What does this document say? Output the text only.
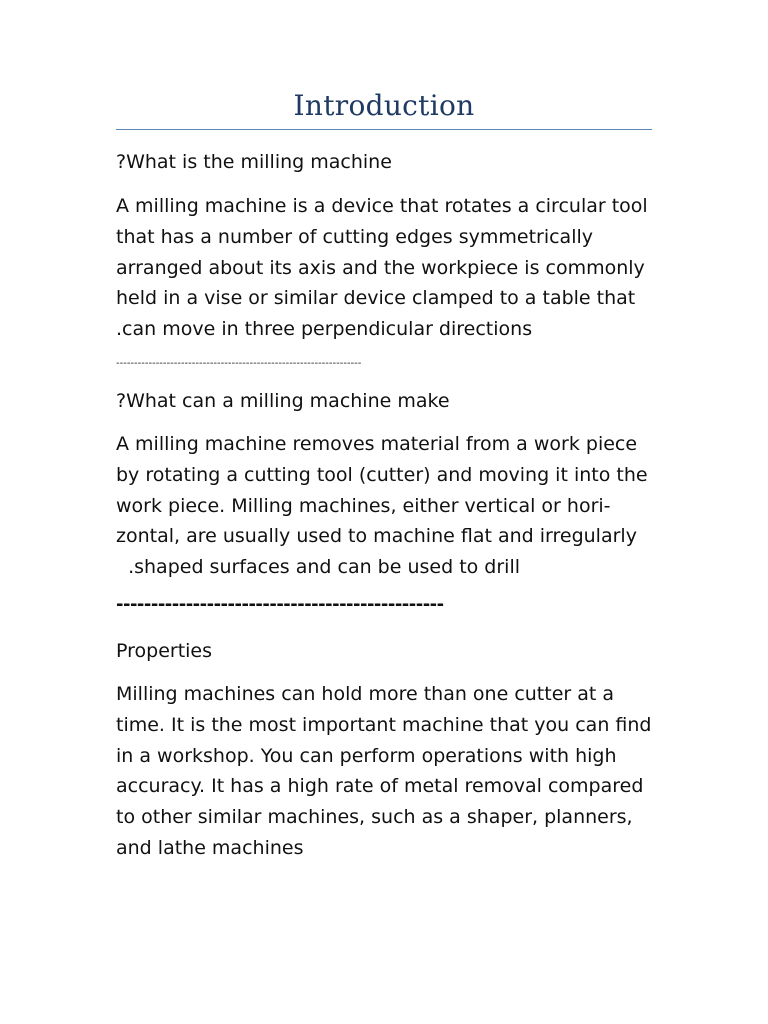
Introduction
?What is the milling machine
A milling machine is a device that rotates a circular tool
that has a number of cutting edges symmetrically
arranged about its axis and the workpiece is commonly
held in a vise or similar device clamped to a table that
.can move in three perpendicular directions
--------------------------------------------------------------------
?What can a milling machine make
A milling machine removes material from a work piece
by rotating a cutting tool (cutter) and moving it into the
work piece. Milling machines, either vertical or hori-
zontal, are usually used to machine flat and irregularly
.shaped surfaces and can be used to drill
-----------------------------------------------
Properties
Milling machines can hold more than one cutter at a
time. It is the most important machine that you can find
in a workshop. You can perform operations with high
accuracy. It has a high rate of metal removal compared
to other similar machines, such as a shaper, planners,
and lathe machines
